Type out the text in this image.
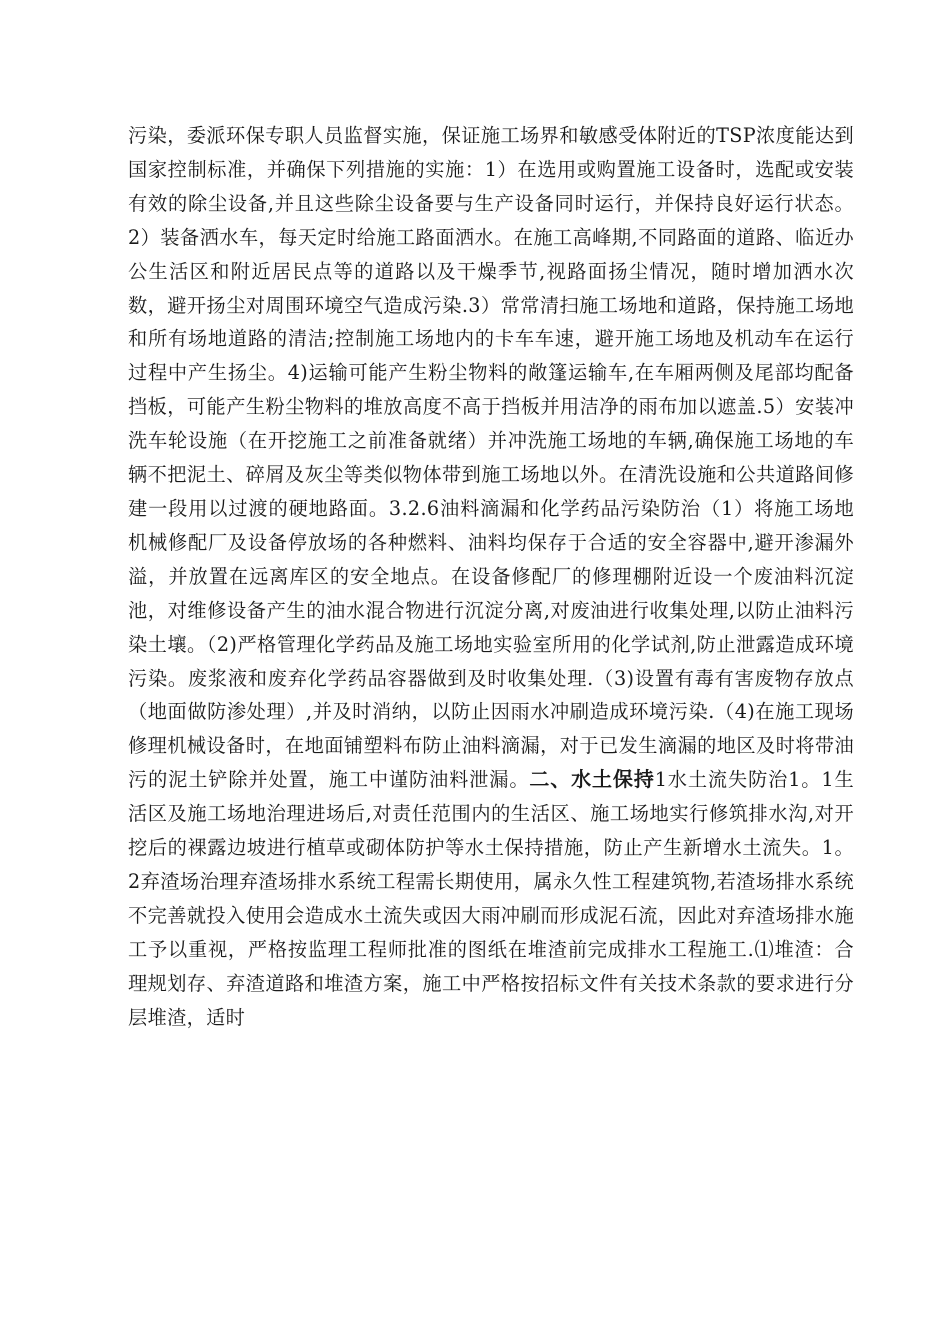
污染，委派环保专职人员监督实施，保证施工场界和敏感受体附近的TSP浓度能达到国家控制标准，并确保下列措施的实施：1）在选用或购置施工设备时，选配或安装有效的除尘设备,并且这些除尘设备要与生产设备同时运行，并保持良好运行状态。2）装备洒水车，每天定时给施工路面洒水。在施工高峰期,不同路面的道路、临近办公生活区和附近居民点等的道路以及干燥季节,视路面扬尘情况，随时增加洒水次数，避开扬尘对周围环境空气造成污染.3）常常清扫施工场地和道路，保持施工场地和所有场地道路的清洁;控制施工场地内的卡车车速，避开施工场地及机动车在运行过程中产生扬尘。4)运输可能产生粉尘物料的敞篷运输车,在车厢两侧及尾部均配备挡板，可能产生粉尘物料的堆放高度不高于挡板并用洁净的雨布加以遮盖.5）安装冲洗车轮设施（在开挖施工之前准备就绪）并冲洗施工场地的车辆,确保施工场地的车辆不把泥土、碎屑及灰尘等类似物体带到施工场地以外。在清洗设施和公共道路间修建一段用以过渡的硬地路面。3.2.6油料滴漏和化学药品污染防治（1）将施工场地机械修配厂及设备停放场的各种燃料、油料均保存于合适的安全容器中,避开渗漏外溢，并放置在远离库区的安全地点。在设备修配厂的修理棚附近设一个废油料沉淀池，对维修设备产生的油水混合物进行沉淀分离,对废油进行收集处理,以防止油料污染土壤。（2)严格管理化学药品及施工场地实验室所用的化学试剂,防止泄露造成环境污染。废浆液和废弃化学药品容器做到及时收集处理.（3)设置有毒有害废物存放点（地面做防渗处理）,并及时消纳，以防止因雨水冲刷造成环境污染.（4)在施工现场修理机械设备时，在地面铺塑料布防止油料滴漏，对于已发生滴漏的地区及时将带油污的泥土铲除并处置，施工中谨防油料泄漏。二、水土保持1水土流失防治1。1生活区及施工场地治理进场后,对责任范围内的生活区、施工场地实行修筑排水沟,对开挖后的裸露边坡进行植草或砌体防护等水土保持措施，防止产生新增水土流失。1。2弃渣场治理弃渣场排水系统工程需长期使用，属永久性工程建筑物,若渣场排水系统不完善就投入使用会造成水土流失或因大雨冲刷而形成泥石流，因此对弃渣场排水施工予以重视，严格按监理工程师批准的图纸在堆渣前完成排水工程施工.⑴堆渣：合理规划存、弃渣道路和堆渣方案，施工中严格按招标文件有关技术条款的要求进行分层堆渣，适时
